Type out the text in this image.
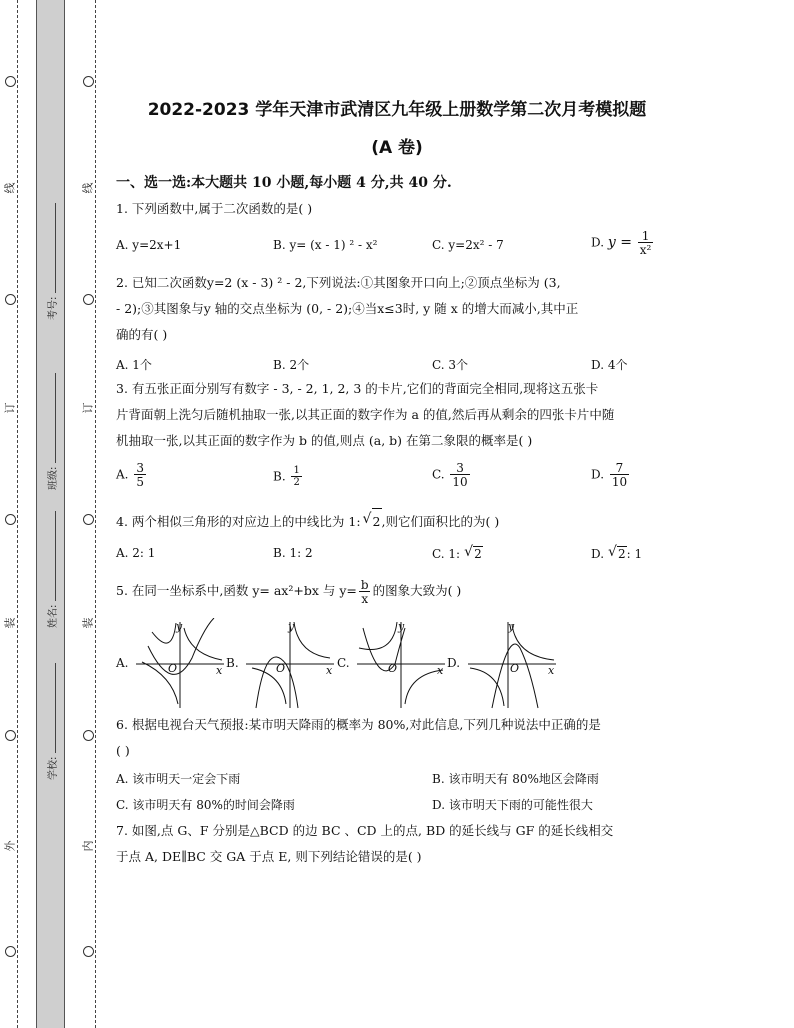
线
订
装
外
线
订
装
内
考号:
班级:
姓名:
学校:
2022-2023 学年天津市武清区九年级上册数学第二次月考模拟题
(A 卷)
一、选一选:本大题共 10 小题,每小题 4 分,共 40 分.
1. 下列函数中,属于二次函数的是( )
A. y=2x+1	B. y= (x - 1) ² - x²	C. y=2x² - 7	D. $y = \frac{1}{\text{x²}}$
2. 已知二次函数y=2 (x - 3) ² - 2,下列说法:①其图象开口向上;②顶点坐标为 (3,
- 2);③其图象与y 轴的交点坐标为 (0, - 2);④当x≤3时, y 随 x 的增大而减小,其中正
确的有( )
A. 1个	B. 2个	C. 3个	D. 4个
3. 有五张正面分别写有数字 - 3, - 2, 1, 2, 3 的卡片,它们的背面完全相同,现将这五张卡
片背面朝上洗匀后随机抽取一张,以其正面的数字作为 a 的值,然后再从剩余的四张卡片中随
机抽取一张,以其正面的数字作为 b 的值,则点 (a, b) 在第二象限的概率是( )
A. $\frac{3}{5}$	B. $\frac{1}{2}$	C. $\frac{3}{10}$	D. $\frac{7}{10}$
4. 两个相似三角形的对应边上的中线比为 1: √ 2,则它们面积比的为( )
A. 2: 1	B. 1: 2	C. 1: √ 2	D. √ 2: 1
5. 在同一坐标系中,函数 y= ax²+bx 与 $y= \frac{b}{x}$ 的图象大致为( )
A.	B.	C.	D.
y
x
O
y
x
O
y
x
O
y
x
O
6. 根据电视台天气预报:某市明天降雨的概率为 80%,对此信息,下列几种说法中正确的是
( )
A. 该市明天一定会下雨	B. 该市明天有 80%地区会降雨
C. 该市明天有 80%的时间会降雨	D. 该市明天下雨的可能性很大
7. 如图,点 G、F 分别是△BCD 的边 BC 、CD 上的点, BD 的延长线与 GF 的延长线相交
于点 A, DE∥BC 交 GA 于点 E, 则下列结论错误的是( )
